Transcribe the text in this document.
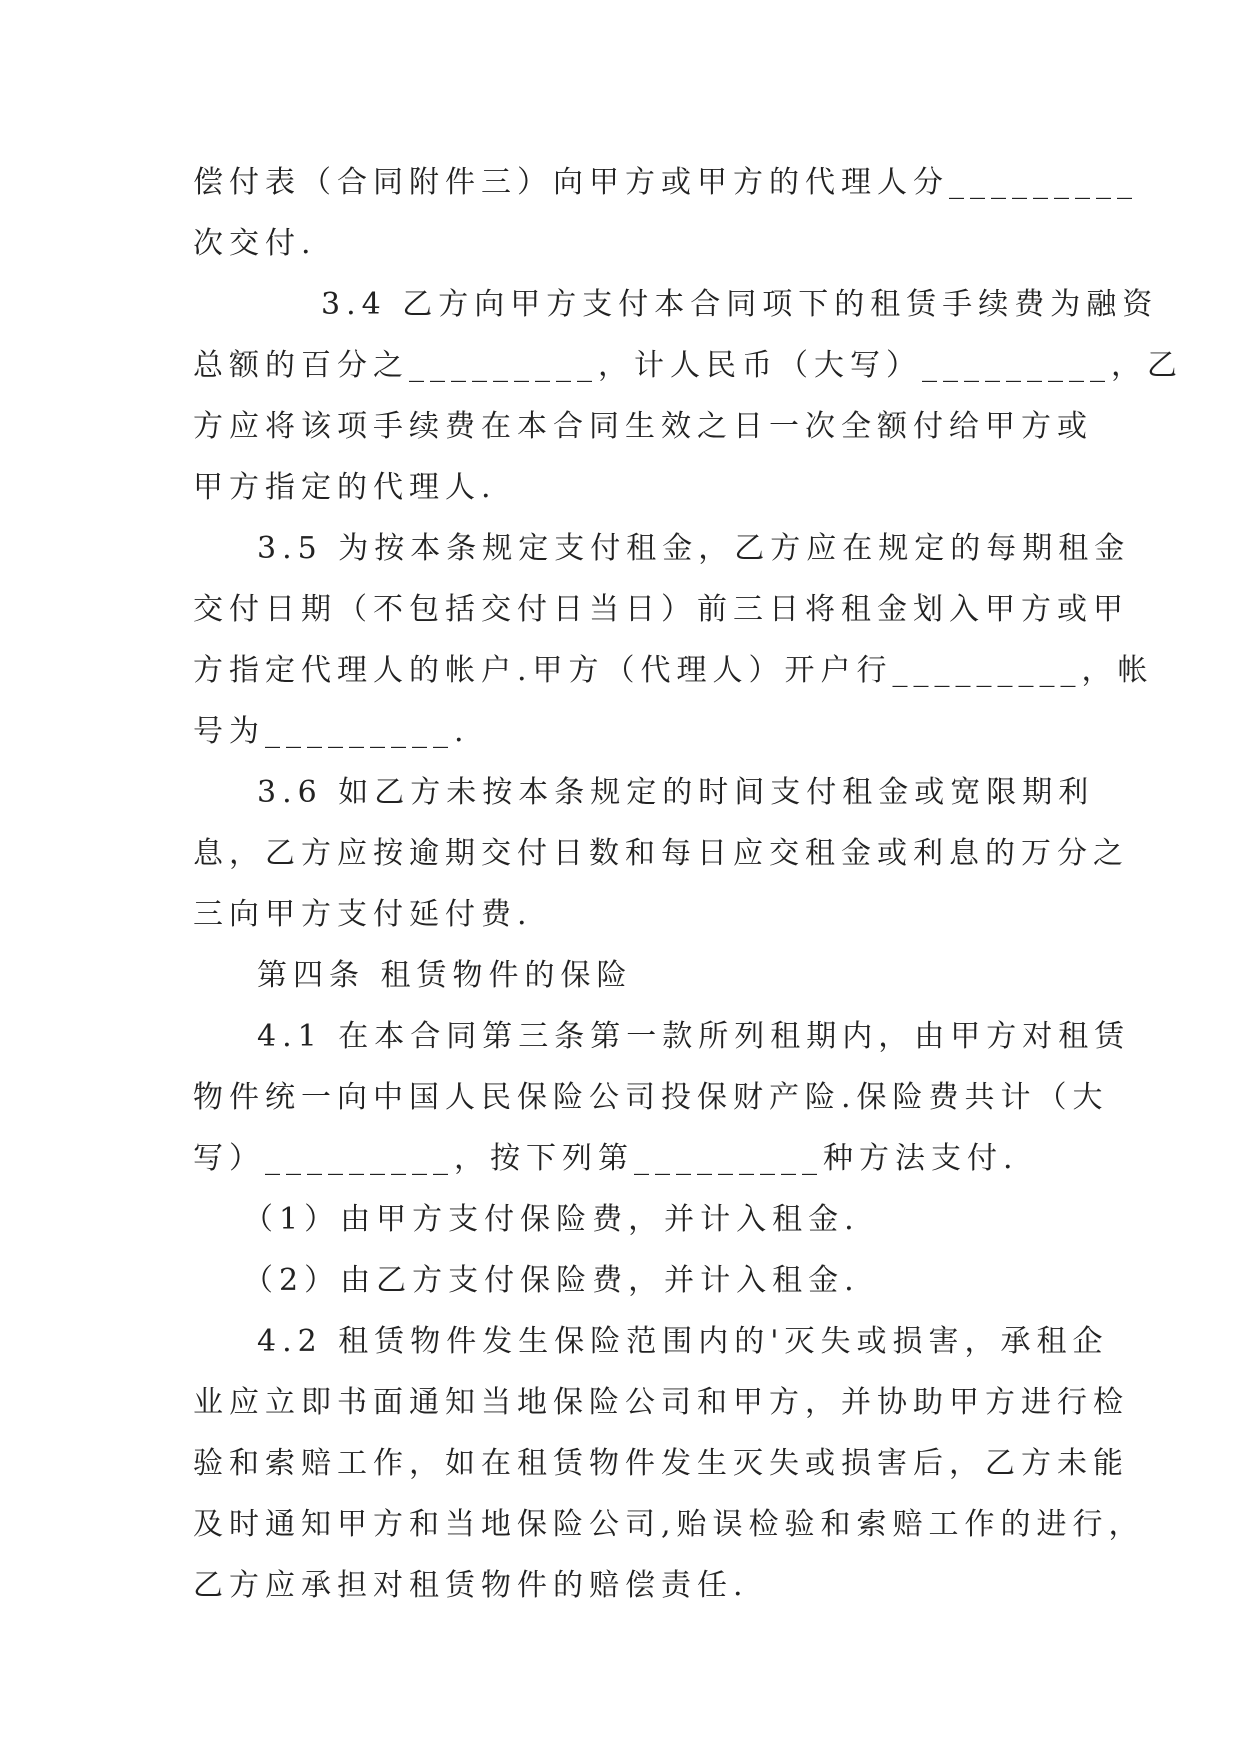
偿付表（合同附件三）向甲方或甲方的代理人分_________
次交付.

3.4 乙方向甲方支付本合同项下的租赁手续费为融资
总额的百分之_________，计人民币（大写）_________，乙
方应将该项手续费在本合同生效之日一次全额付给甲方或
甲方指定的代理人.

3.5 为按本条规定支付租金，乙方应在规定的每期租金
交付日期（不包括交付日当日）前三日将租金划入甲方或甲
方指定代理人的帐户.甲方（代理人）开户行_________，帐
号为_________.

3.6 如乙方未按本条规定的时间支付租金或宽限期利
息，乙方应按逾期交付日数和每日应交租金或利息的万分之
三向甲方支付延付费.

第四条 租赁物件的保险

4.1 在本合同第三条第一款所列租期内，由甲方对租赁
物件统一向中国人民保险公司投保财产险.保险费共计（大
写）_________，按下列第_________种方法支付.

（1）由甲方支付保险费，并计入租金.

（2）由乙方支付保险费，并计入租金.

4.2 租赁物件发生保险范围内的'灭失或损害，承租企
业应立即书面通知当地保险公司和甲方，并协助甲方进行检
验和索赔工作，如在租赁物件发生灭失或损害后，乙方未能
及时通知甲方和当地保险公司,贻误检验和索赔工作的进行，
乙方应承担对租赁物件的赔偿责任.
